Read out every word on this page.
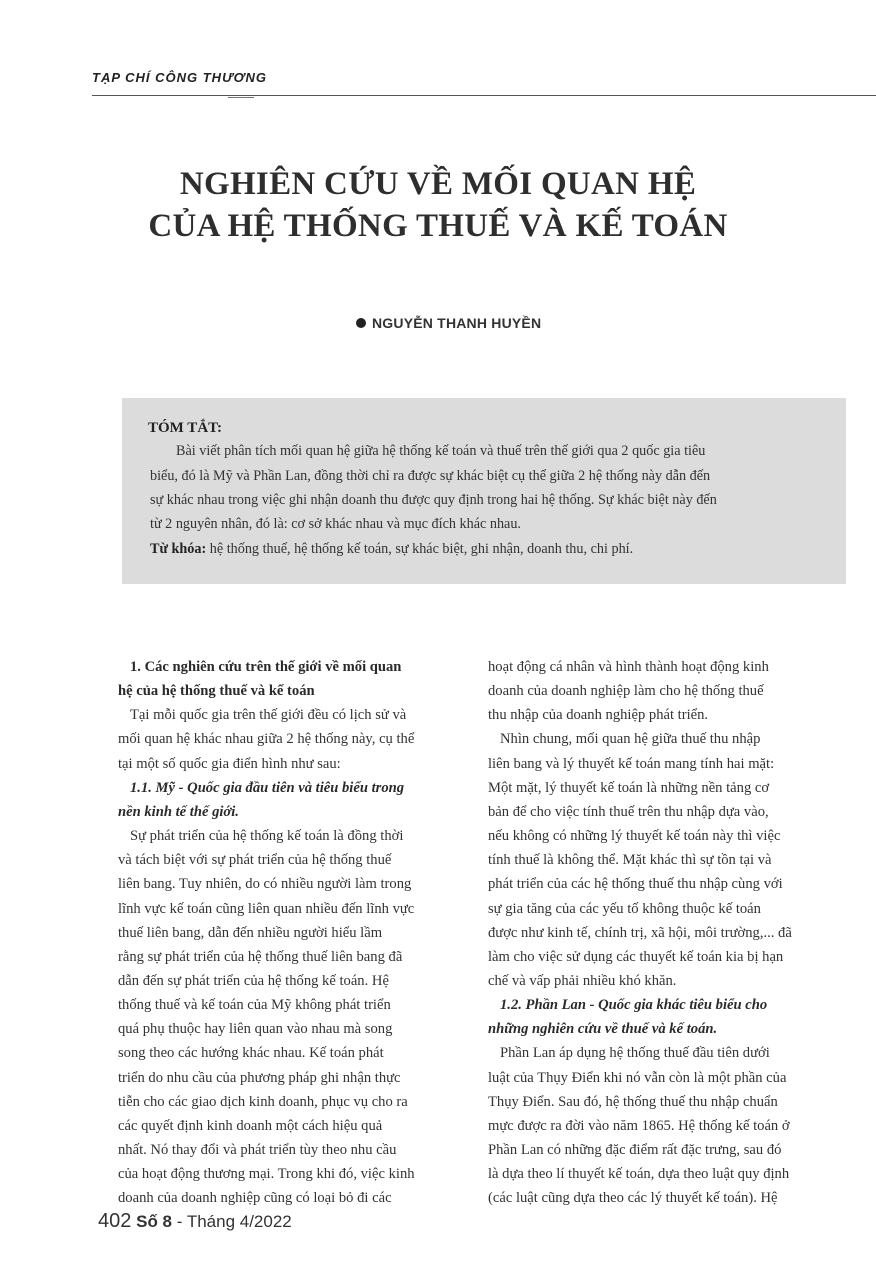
TẠP CHÍ CÔNG THƯƠNG
NGHIÊN CỨU VỀ MỐI QUAN HỆ
CỦA HỆ THỐNG THUẾ VÀ KẾ TOÁN
NGUYỄN THANH HUYỀN
TÓM TẮT:
Bài viết phân tích mối quan hệ giữa hệ thống kế toán và thuế trên thế giới qua 2 quốc gia tiêu
biểu, đó là Mỹ và Phần Lan, đồng thời chỉ ra được sự khác biệt cụ thể giữa 2 hệ thống này dẫn đến
sự khác nhau trong việc ghi nhận doanh thu được quy định trong hai hệ thống. Sự khác biệt này đến
từ 2 nguyên nhân, đó là: cơ sở khác nhau và mục đích khác nhau.
Từ khóa: hệ thống thuế, hệ thống kế toán, sự khác biệt, ghi nhận, doanh thu, chi phí.
1. Các nghiên cứu trên thế giới về mối quan
hệ của hệ thống thuế và kế toán
Tại mỗi quốc gia trên thế giới đều có lịch sử và
mối quan hệ khác nhau giữa 2 hệ thống này, cụ thể
tại một số quốc gia điển hình như sau:
1.1. Mỹ - Quốc gia đầu tiên và tiêu biểu trong
nền kinh tế thế giới.
Sự phát triển của hệ thống kế toán là đồng thời
và tách biệt với sự phát triển của hệ thống thuế
liên bang. Tuy nhiên, do có nhiều người làm trong
lĩnh vực kế toán cũng liên quan nhiều đến lĩnh vực
thuế liên bang, dẫn đến nhiều người hiểu lầm
rằng sự phát triển của hệ thống thuế liên bang đã
dẫn đến sự phát triển của hệ thống kế toán. Hệ
thống thuế và kế toán của Mỹ không phát triển
quá phụ thuộc hay liên quan vào nhau mà song
song theo các hướng khác nhau. Kế toán phát
triển do nhu cầu của phương pháp ghi nhận thực
tiễn cho các giao dịch kinh doanh, phục vụ cho ra
các quyết định kinh doanh một cách hiệu quả
nhất. Nó thay đổi và phát triển tùy theo nhu cầu
của hoạt động thương mại. Trong khi đó, việc kinh
doanh của doanh nghiệp cũng có loại bỏ đi các
hoạt động cá nhân và hình thành hoạt động kinh
doanh của doanh nghiệp làm cho hệ thống thuế
thu nhập của doanh nghiệp phát triển.
Nhìn chung, mối quan hệ giữa thuế thu nhập
liên bang và lý thuyết kế toán mang tính hai mặt:
Một mặt, lý thuyết kế toán là những nền tảng cơ
bản để cho việc tính thuế trên thu nhập dựa vào,
nếu không có những lý thuyết kế toán này thì việc
tính thuế là không thể. Mặt khác thì sự tồn tại và
phát triển của các hệ thống thuế thu nhập cùng với
sự gia tăng của các yếu tố không thuộc kế toán
được như kinh tế, chính trị, xã hội, môi trường,... đã
làm cho việc sử dụng các thuyết kế toán kia bị hạn
chế và vấp phải nhiều khó khăn.
1.2. Phần Lan - Quốc gia khác tiêu biểu cho
những nghiên cứu về thuế và kế toán.
Phần Lan áp dụng hệ thống thuế đầu tiên dưới
luật của Thụy Điển khi nó vẫn còn là một phần của
Thụy Điển. Sau đó, hệ thống thuế thu nhập chuẩn
mực được ra đời vào năm 1865. Hệ thống kế toán ở
Phần Lan có những đặc điểm rất đặc trưng, sau đó
là dựa theo lí thuyết kế toán, dựa theo luật quy định
(các luật cũng dựa theo các lý thuyết kế toán). Hệ
402 Số 8 - Tháng 4/2022
